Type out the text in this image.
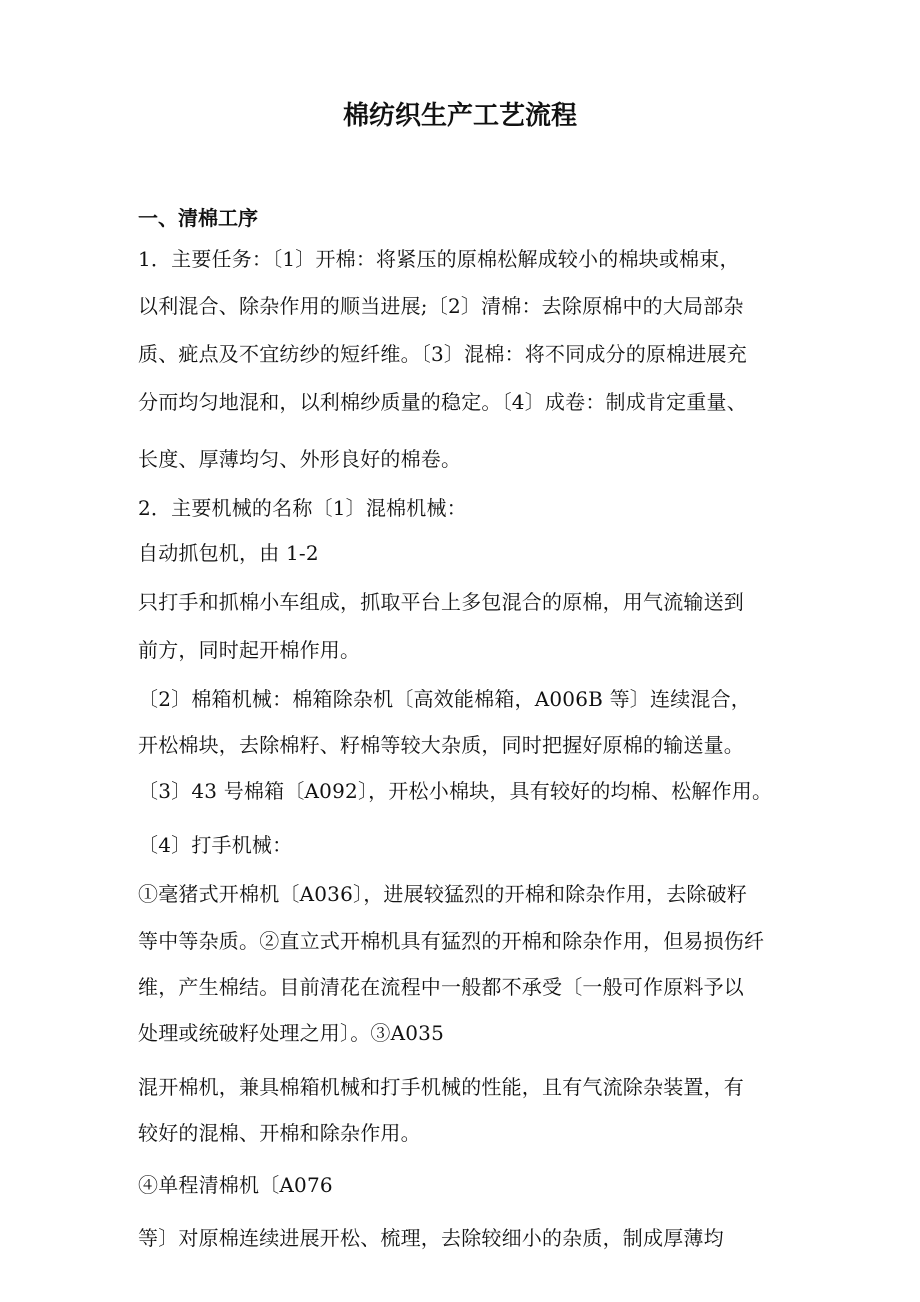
棉纺织生产工艺流程
一、清棉工序
1．主要任务：〔1〕开棉：将紧压的原棉松解成较小的棉块或棉束，
以利混合、除杂作用的顺当进展;〔2〕清棉：去除原棉中的大局部杂
质、疵点及不宜纺纱的短纤维。〔3〕混棉：将不同成分的原棉进展充
分而均匀地混和，以利棉纱质量的稳定。〔4〕成卷：制成肯定重量、
长度、厚薄均匀、外形良好的棉卷。
2．主要机械的名称〔1〕混棉机械：
自动抓包机，由 1-2
只打手和抓棉小车组成，抓取平台上多包混合的原棉，用气流输送到
前方，同时起开棉作用。
〔2〕棉箱机械：棉箱除杂机〔高效能棉箱，A006B 等〕连续混合，
开松棉块，去除棉籽、籽棉等较大杂质，同时把握好原棉的输送量。
〔3〕43 号棉箱〔A092〕，开松小棉块，具有较好的均棉、松解作用。
〔4〕打手机械：
①毫猪式开棉机〔A036〕，进展较猛烈的开棉和除杂作用，去除破籽
等中等杂质。②直立式开棉机具有猛烈的开棉和除杂作用，但易损伤纤
维，产生棉结。目前清花在流程中一般都不承受〔一般可作原料予以
处理或统破籽处理之用〕。③A035
混开棉机，兼具棉箱机械和打手机械的性能，且有气流除杂装置，有
较好的混棉、开棉和除杂作用。
④单程清棉机〔A076
等〕对原棉连续进展开松、梳理，去除较细小的杂质，制成厚薄均
